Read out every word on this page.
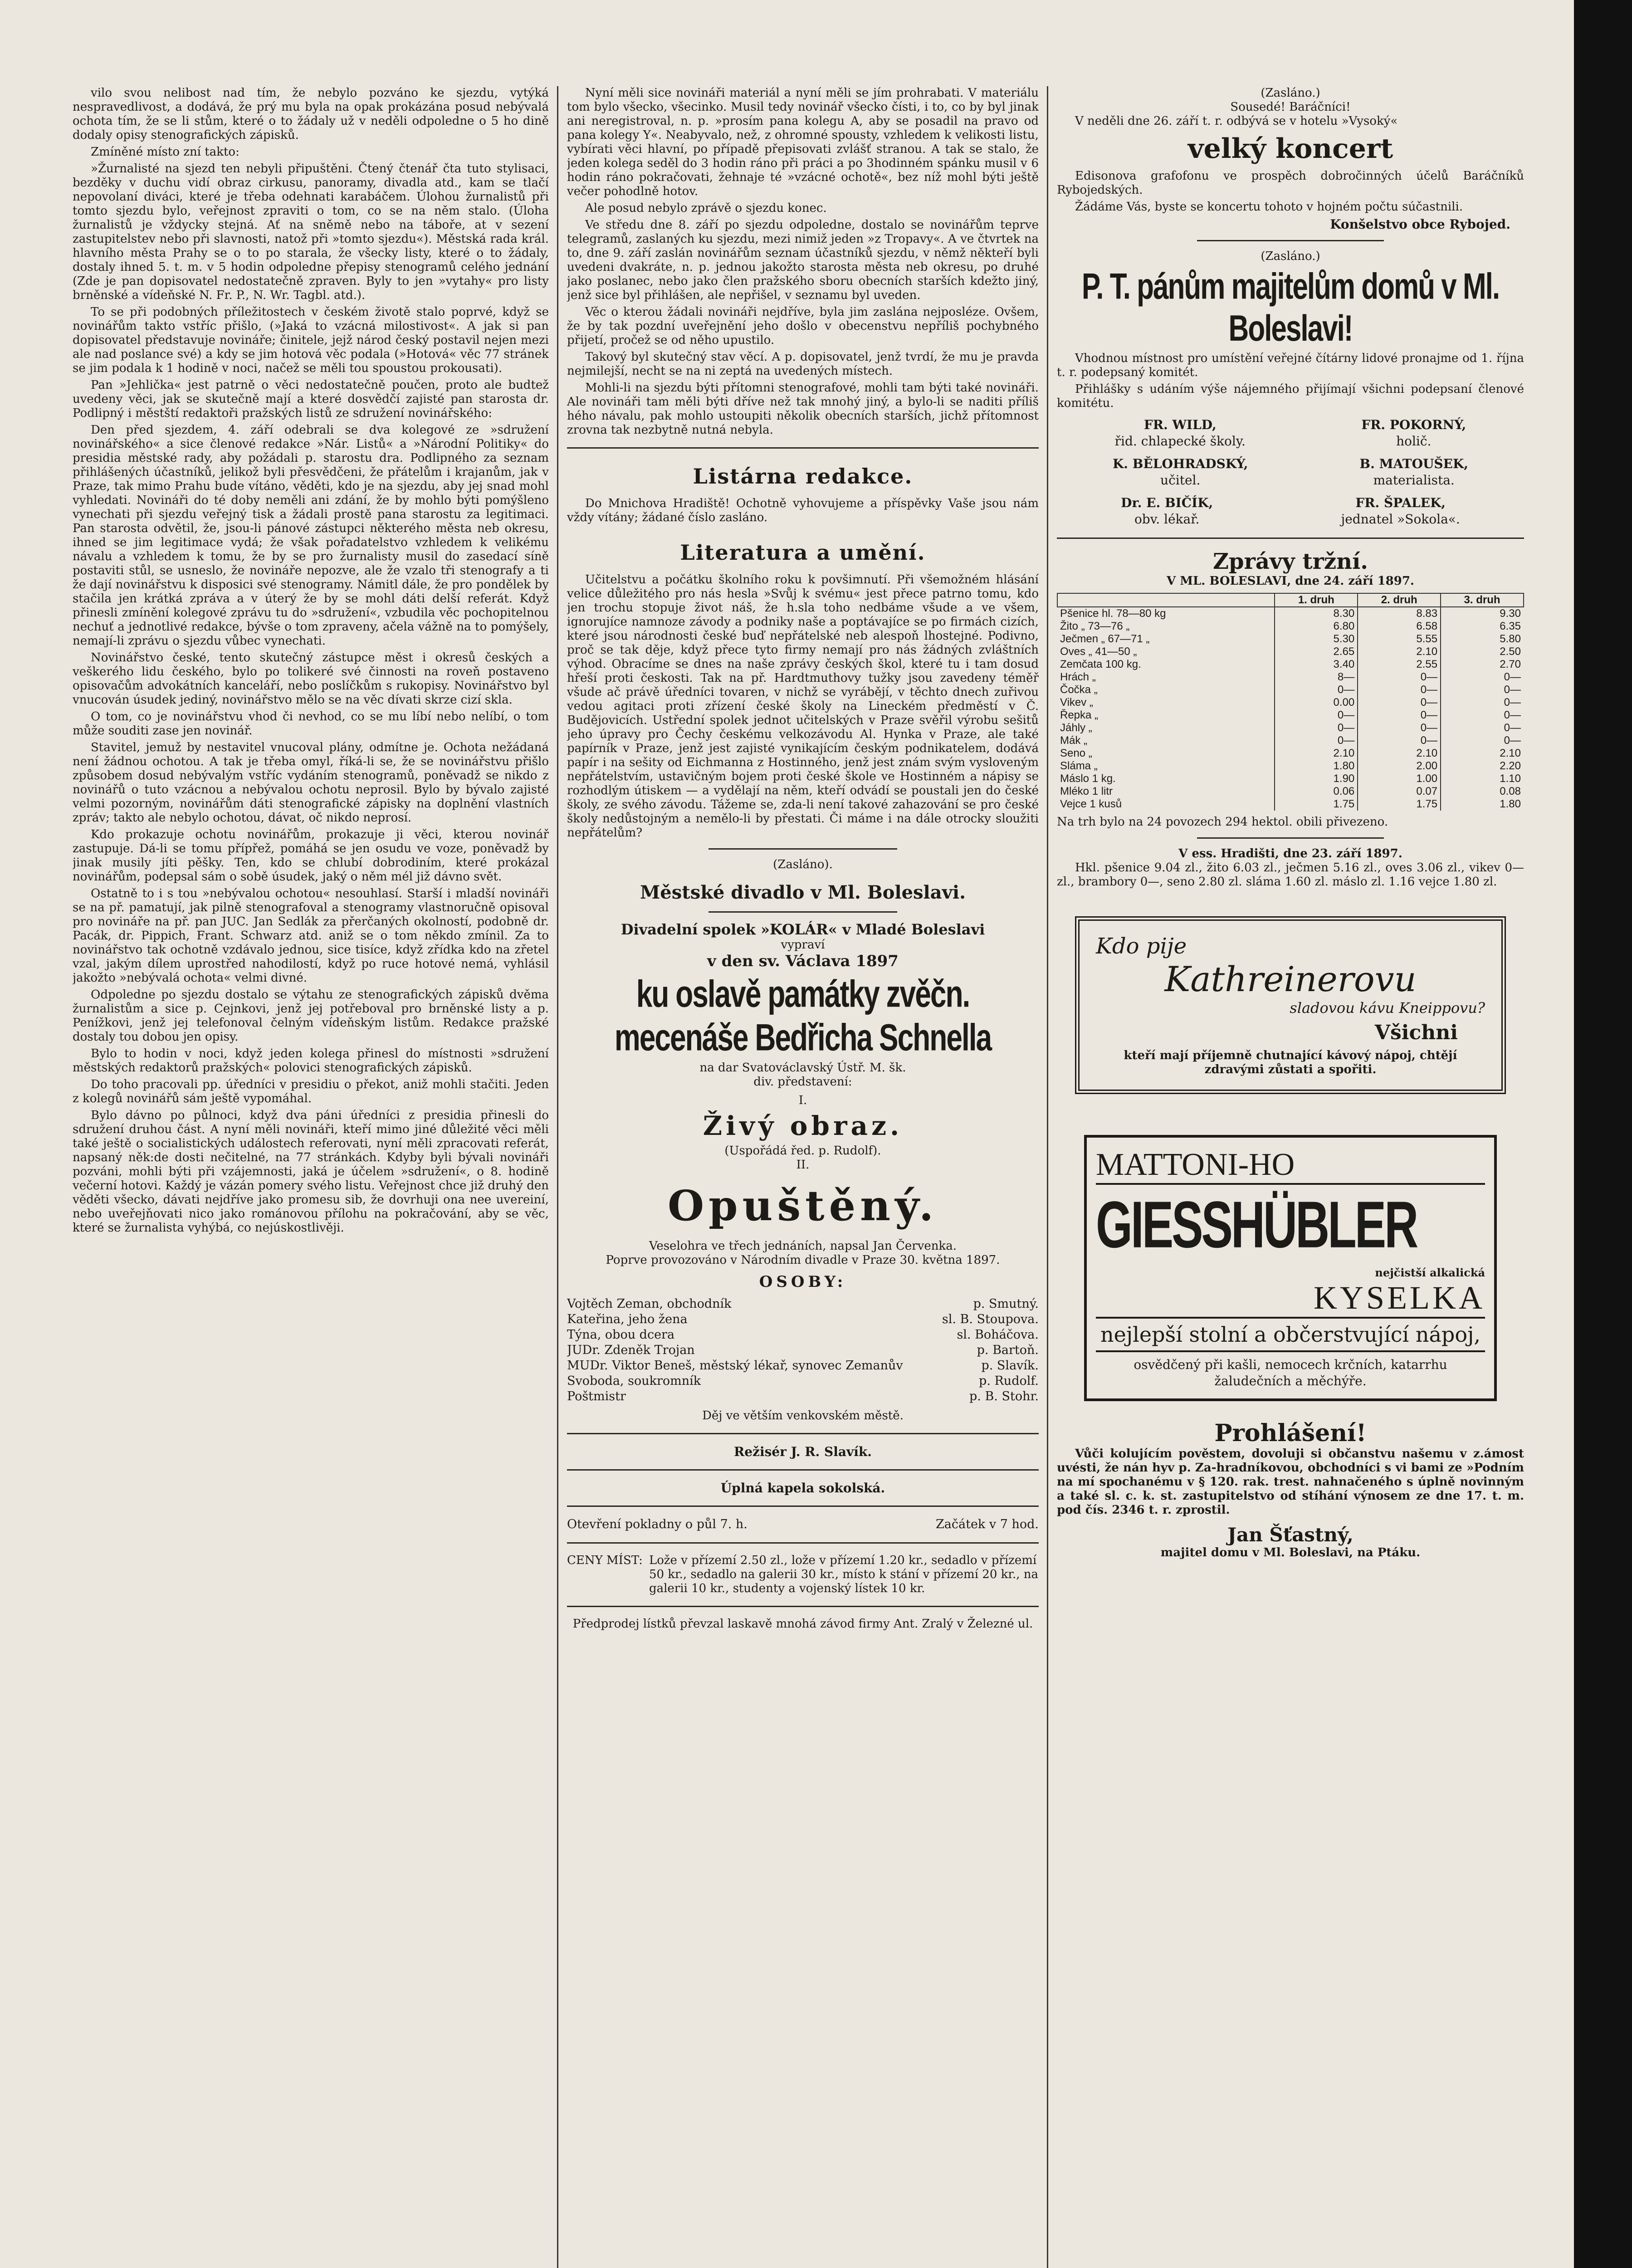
vilo svou nelibost nad tím, že nebylo pozváno ke sjezdu, vytýká nespravedlivost, a dodává, že prý mu byla na opak prokázána posud nebývalá ochota tím, že se li stům, které o to žádaly už v neděli odpoledne o 5 ho dině dodaly opisy stenografických zápisků.

Zmíněné místo zní takto:

»Žurnalisté na sjezd ten nebyli připuštěni. Čtený čtenář čta tuto stylisaci, bezděky v duchu vidí obraz cirkusu, panoramy, divadla atd., kam se tlačí nepovolaní diváci, které je třeba odehnati karabáčem. Úlohou žurnalistů při tomto sjezdu bylo, veřejnost zpraviti o tom, co se na něm stalo. (Úloha žurnalistů je vždycky stejná. Ať na sněmě nebo na táboře, at v sezení zastupitelstev nebo při slavnosti, natož při »tomto sjezdu«). Městská rada král. hlavního města Prahy se o to po starala, že všecky listy, které o to žádaly, dostaly ihned 5. t. m. v 5 hodin odpoledne přepisy stenogramů celého jednání (Zde je pan dopisovatel nedostatečně zpraven. Byly to jen »vytahy« pro listy brněnské a vídeňské N. Fr. P., N. Wr. Tagbl. atd.).

To se při podobných příležitostech v českém životě stalo poprvé, když se novinářům takto vstříc přišlo, (»Jaká to vzácná milostivost«. A jak si pan dopisovatel představuje novináře; činitele, jejž národ český postavil nejen mezi ale nad poslance své) a kdy se jim hotová věc podala (»Hotová« věc 77 stránek se jim podala k 1 hodině v noci, načež se měli tou spoustou prokousati).

Pan »Jehlička« jest patrně o věci nedostatečně poučen, proto ale budtež uvedeny věci, jak se skutečně mají a které dosvědčí zajisté pan starosta dr. Podlipný i městští redaktoři pražských listů ze sdružení novinářského:

Den před sjezdem, 4. září odebrali se dva kolegové ze »sdružení novinářského« a sice členové redakce »Nár. Listů« a »Národní Politiky« do presidia městské rady, aby požádali p. starostu dra. Podlipného za seznam přihlášených účastníků, jelikož byli přesvědčeni, že přátelům i krajanům, jak v Praze, tak mimo Prahu bude vítáno, věděti, kdo je na sjezdu, aby jej snad mohl vyhledati. Novináři do té doby neměli ani zdání, že by mohlo býti pomýšleno vynechati při sjezdu veřejný tisk a žádali prostě pana starostu za legitimaci. Pan starosta odvětil, že, jsou-li pánové zástupci některého města neb okresu, ihned se jim legitimace vydá; že však pořadatelstvo vzhledem k velikému návalu a vzhledem k tomu, že by se pro žurnalisty musil do zasedací síně postaviti stůl, se usneslo, že novináře nepozve, ale že vzalo tři stenografy a ti že dají novinářstvu k disposici své stenogramy. Námitl dále, že pro pondělek by stačila jen krátká zpráva a v úterý že by se mohl dáti delší referát. Když přinesli zmínění kolegové zprávu tu do »sdružení«, vzbudila věc pochopitelnou nechuť a jednotlivé redakce, bývše o tom zpraveny, ačela vážně na to pomýšely, nemají-li zprávu o sjezdu vůbec vynechati.

Novinářstvo české, tento skutečný zástupce měst i okresů českých a veškerého lidu českého, bylo po tolikeré své činnosti na roveň postaveno opisovačům advokátních kanceláří, nebo poslíčkům s rukopisy. Novinářstvo byl vnucován úsudek jediný, novinářstvo mělo se na věc dívati skrze cizí skla.

O tom, co je novinářstvu vhod či nevhod, co se mu líbí nebo nelíbí, o tom může souditi zase jen novinář.

Stavitel, jemuž by nestavitel vnucoval plány, odmítne je. Ochota nežádaná není žádnou ochotou. A tak je třeba omyl, říká-li se, že se novinářstvu přišlo způsobem dosud nebývalým vstříc vydáním stenogramů, poněvadž se nikdo z novinářů o tuto vzácnou a nebývalou ochotu neprosil. Bylo by bývalo zajisté velmi pozorným, novinářům dáti stenografické zápisky na doplnění vlastních zpráv; takto ale nebylo ochotou, dávat, oč nikdo neprosí.

Kdo prokazuje ochotu novinářům, prokazuje ji věci, kterou novinář zastupuje. Dá-li se tomu přípřež, pomáhá se jen osudu ve voze, poněvadž by jinak musily jíti pěšky. Ten, kdo se chlubí dobrodiním, které prokázal novinářům, podepsal sám o sobě úsudek, jaký o něm mél již dávno svět.

Ostatně to i s tou »nebývalou ochotou« nesouhlasí. Starší i mladší novináři se na př. pamatují, jak pilně stenografoval a stenogramy vlastnoručně opisoval pro novináře na př. pan JUC. Jan Sedlák za přerčaných okolností, podobně dr. Pacák, dr. Pippich, Frant. Schwarz atd. aniž se o tom někdo zmínil. Za to novinářstvo tak ochotně vzdávalo jednou, sice tisíce, když zřídka kdo na zřetel vzal, jakým dílem uprostřed nahodilostí, když po ruce hotové nemá, vyhlásil jakožto »nebývalá ochota« velmi divné.

Odpoledne po sjezdu dostalo se výtahu ze stenografických zápisků dvěma žurnalistům a sice p. Cejnkovi, jenž jej potřeboval pro brněnské listy a p. Penížkovi, jenž jej telefonoval čelným vídeňským listům. Redakce pražské dostaly tou dobou jen opisy.

Bylo to hodin v noci, když jeden kolega přinesl do místnosti »sdružení městských redaktorů pražských« polovici stenografických zápisků.

Do toho pracovali pp. úředníci v presidiu o překot, aniž mohli stačiti. Jeden z kolegů novinářů sám ještě vypomáhal.

Bylo dávno po půlnoci, když dva páni úředníci z presidia přinesli do sdružení druhou část. A nyní měli novináři, kteří mimo jiné důležité věci měli také ještě o socialistických událostech referovati, nyní měli zpracovati referát, napsaný něk:de dosti nečitelné, na 77 stránkách. Kdyby byli bývali novináři pozváni, mohli býti při vzájemnosti, jaká je účelem »sdružení«, o 8. hodině večerní hotovi. Každý je vázán pomery svého listu. Veřejnost chce již druhý den věděti všecko, dávati nejdříve jako promesu sib, že dovrhuji ona nee uvereiní, nebo uveřejňovati nico jako románovou přílohu na pokračování, aby se věc, které se žurnalista vyhýbá, co nejúskostlivěji.

Nyní měli sice novináři materiál a nyní měli se jím prohrabati. V materiálu tom bylo všecko, všecinko. Musil tedy novinář všecko čísti, i to, co by byl jinak ani neregistroval, n. p. »prosím pana kolegu A, aby se posadil na pravo od pana kolegy Y«. Neabyvalo, než, z ohromné spousty, vzhledem k velikosti listu, vybírati věci hlavní, po případě přepisovati zvlášť stranou. A tak se stalo, že jeden kolega seděl do 3 hodin ráno při práci a po 3hodinném spánku musil v 6 hodin ráno pokračovati, žehnaje té »vzácné ochotě«, bez níž mohl býti ještě večer pohodlně hotov.

Ale posud nebylo zprávě o sjezdu konec.

Ve středu dne 8. září po sjezdu odpoledne, dostalo se novinářům teprve telegramů, zaslaných ku sjezdu, mezi nimiž jeden »z Tropavy«. A ve čtvrtek na to, dne 9. září zaslán novinářům seznam účastníků sjezdu, v němž někteří byli uvedeni dvakráte, n. p. jednou jakožto starosta města neb okresu, po druhé jako poslanec, nebo jako člen pražského sboru obecních starších kdežto jiný, jenž sice byl přihlášen, ale nepřišel, v seznamu byl uveden.

Věc o kterou žádali novináři nejdříve, byla jim zaslána nejposléze. Ovšem, že by tak pozdní uveřejnění jeho došlo v obecenstvu nepříliš pochybného přijetí, pročež se od něho upustilo.

Takový byl skutečný stav věcí. A p. dopisovatel, jenž tvrdí, že mu je pravda nejmilejší, necht se na ni zeptá na uvedených místech.

Mohli-li na sjezdu býti přítomni stenografové, mohli tam býti také novináři. Ale novináři tam měli býti dříve než tak mnohý jiný, a bylo-li se naditi příliš hého návalu, pak mohlo ustoupiti několik obecních starších, jichž přítomnost zrovna tak nezbytně nutná nebyla.

Listárna redakce.

Do Mnichova Hradiště! Ochotně vyhovujeme a příspěvky Vaše jsou nám vždy vítány; žádané číslo zasláno.

Literatura a umění.

Učitelstvu a počátku školního roku k povšimnutí. Při všemožném hlásání velice důležitého pro nás hesla »Svůj k svému« jest přece patrno tomu, kdo jen trochu stopuje život náš, že h.sla toho nedbáme všude a ve všem, ignorujíce namnoze závody a podniky naše a poptávajíce se po firmách cizích, které jsou národnosti české buď nepřátelské neb alespoň lhostejné. Podivno, proč se tak děje, když přece tyto firmy nemají pro nás žádných zvláštních výhod. Obracíme se dnes na naše zprávy českých škol, které tu i tam dosud hřeší proti českosti. Tak na př. Hardtmuthovy tužky jsou zavedeny téměř všude ač právě úředníci tovaren, v nichž se vyrábějí, v těchto dnech zuřivou vedou agitaci proti zřízení české školy na Lineckém předměstí v Č. Budějovicích. Ustřední spolek jednot učitelských v Praze svěřil výrobu sešitů jeho úpravy pro Čechy českému velkozávodu Al. Hynka v Praze, ale také papírník v Praze, jenž jest zajisté vynikajícím českým podnikatelem, dodává papír i na sešity od Eichmanna z Hostinného, jenž jest znám svým vysloveným nepřátelstvím, ustavičným bojem proti české škole ve Hostinném a nápisy se rozhodlým útiskem — a vydělají na něm, kteří odvádí se poustali jen do české školy, ze svého závodu. Tážeme se, zda-li není takové zahazování se pro české školy nedůstojným a nemělo-li by přestati. Či máme i na dále otrocky sloužiti nepřátelům?

(Zasláno).
Městské divadlo v Ml. Boleslavi.
Divadelní spolek »KOLÁR« v Mladé Boleslavi
vypraví
v den sv. Václava 1897
ku oslavě památky zvěčn. mecenáše Bedřicha Schnella
na dar Svatováclavský Ústř. M. šk.
div. představení:
I.
Živý obraz.
(Uspořádá řed. p. Rudolf).
II.
Opuštěný.
Veselohra ve třech jednáních, napsal Jan Červenka.
Poprve provozováno v Národním divadle v Praze 30. května 1897.
OSOBY:
Vojtěch Zeman, obchodník	p. Smutný.
Kateřina, jeho žena	sl. B. Stoupova.
Týna, obou dcera	sl. Boháčova.
JUDr. Zdeněk Trojan	p. Bartoň.
MUDr. Viktor Beneš, městský lékař, synovec Zemanův	p. Slavík.
Svoboda, soukromník	p. Rudolf.
Poštmistr	p. B. Stohr.
Děj ve větším venkovském městě.
Režisér J. R. Slavík.
Úplná kapela sokolská.
Otevření pokladny o půl 7. h.	Začátek v 7 hod.
CENY MÍST: Lože v přízemí 2.50 zl., lože v přízemí 1.20 kr., sedadlo v přízemí 50 kr., sedadlo na galerii 30 kr., místo k stání v přízemí 20 kr., na galerii 10 kr., studenty a vojenský lístek 10 kr.
Předprodej lístků převzal laskavě mnohá závod firmy Ant. Zralý v Železné ul.
(Zasláno.)
Sousedé! Baráčníci!

V neděli dne 26. září t. r. odbývá se v hotelu »Vysoký«

velký koncert

Edisonova grafofonu ve prospěch dobročinných účelů Baráčníků Rybojedských.

Žádáme Vás, byste se koncertu tohoto v hojném počtu súčastnili.

Konšelstvo obce Rybojed.
(Zasláno.)
P. T. pánům majitelům domů v Ml. Boleslavi!

Vhodnou místnost pro umístění veřejné čítárny lidové pronajme od 1. října t. r. podepsaný komitét.

Přihlášky s udáním výše nájemného přijímají všichni podepsaní členové komitétu.

FR. WILD,
řid. chlapecké školy.
FR. POKORNÝ,
holič.
K. BĚLOHRADSKÝ,
učitel.
B. MATOUŠEK,
materialista.
Dr. E. BIČÍK,
obv. lékař.
FR. ŠPALEK,
jednatel »Sokola«.
Zprávy tržní.
V ML. BOLESLAVI, dne 24. září 1897.
	1. druh	2. druh	3. druh
Pšenice hl. 78—80 kg	8.30	8.83	9.30
Žito „ 73—76 „	6.80	6.58	6.35
Ječmen „ 67—71 „	5.30	5.55	5.80
Oves „ 41—50 „	2.65	2.10	2.50
Zemčata 100 kg.	3.40	2.55	2.70
Hrách „	8—	0—	0—
Čočka „	0—	0—	0—
Vikev „	0.00	0—	0—
Řepka „	0—	0—	0—
Jáhly „	0—	0—	0—
Mák „	0—	0—	0—
Seno „	2.10	2.10	2.10
Sláma „	1.80	2.00	2.20
Máslo 1 kg.	1.90	1.00	1.10
Mléko 1 litr	0.06	0.07	0.08
Vejce 1 kusů	1.75	1.75	1.80
Na trh bylo na 24 povozech 294 hektol. obili přivezeno.
V ess. Hradišti, dne 23. září 1897.

Hkl. pšenice 9.04 zl., žito 6.03 zl., ječmen 5.16 zl., oves 3.06 zl., vikev 0— zl., brambory 0—, seno 2.80 zl. sláma 1.60 zl. máslo zl. 1.16 vejce 1.80 zl.

Kdo pije
Kathreinerovu
sladovou kávu Kneippovu?
Všichni
kteří mají příjemně chutnající kávový nápoj, chtějí zdravými zůstati a spořiti.
MATTONI-HO
GIESSHÜBLER
nejčistší alkalická
KYSELKA
nejlepší stolní a občerstvující nápoj,
osvědčený při kašli, nemocech krčních, katarrhu žaludečních a měchýře.
Prohlášení!

Vůči kolujícím pověstem, dovoluji si občanstvu našemu v z.ámost uvésti, že nán hyv p. Za-hradníkovou, obchodníci s vi bami ze »Podním na mí spochanému v § 120. rak. trest. nahnačeného s úplně novinným a také sl. c. k. st. zastupitelstvo od stíhání výnosem ze dne 17. t. m. pod čís. 2346 t. r. zprostil.

Jan Šťastný,
majitel domu v Ml. Boleslavi, na Ptáku.
